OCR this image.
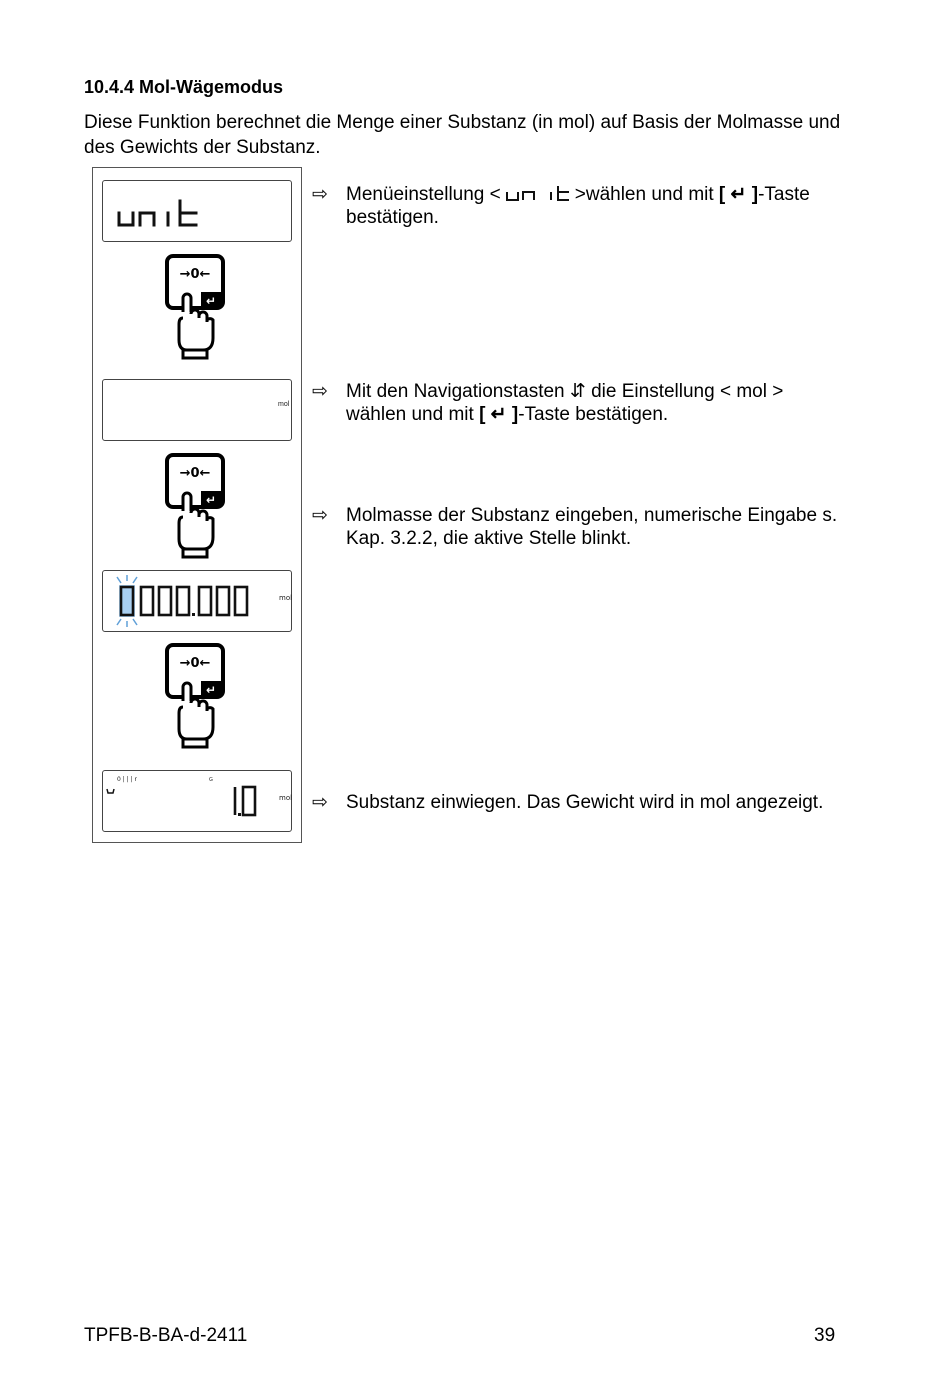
10.4.4 Mol-Wägemodus
Diese Funktion berechnet die Menge einer Substanz (in mol) auf Basis der Molmasse und des Gewichts der Substanz.
→0←
↵
mol
→0←
↵
mol
→0←
↵
0 | | | r	G
mol
⇨ Menüeinstellung <	>wählen und mit [ ↵ ]-Taste bestätigen.
⇨ Mit den Navigationstasten ⇵ die Einstellung < mol > wählen und mit [ ↵ ]-Taste bestätigen.
⇨ Molmasse der Substanz eingeben, numerische Eingabe s. Kap. 3.2.2, die aktive Stelle blinkt.
⇨ Substanz einwiegen. Das Gewicht wird in mol angezeigt.
TPFB-B-BA-d-2411	39
